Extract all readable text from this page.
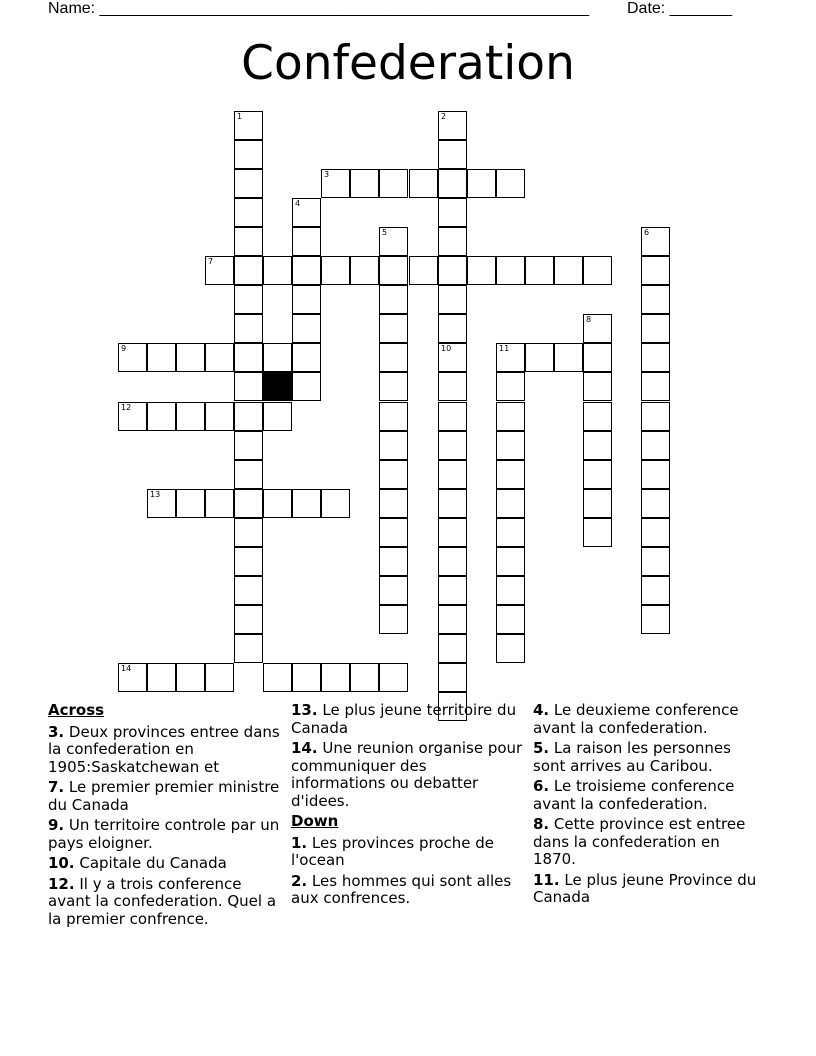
Name: _______________________________________________________ Date: _______
Confederation
1	2
3
4
5	6
7
8
9	10	11
12
13
14
Across
3. Deux provinces entree dans la confederation en 1905:Saskatchewan et
7. Le premier premier ministre du Canada
9. Un territoire controle par un pays eloigner.
10. Capitale du Canada
12. Il y a trois conference avant la confederation. Quel a la premier confrence.
13. Le plus jeune territoire du Canada
14. Une reunion organise pour communiquer des informations ou debatter d'idees.
Down
1. Les provinces proche de l'ocean
2. Les hommes qui sont alles aux confrences.
4. Le deuxieme conference avant la confederation.
5. La raison les personnes sont arrives au Caribou.
6. Le troisieme conference avant la confederation.
8. Cette province est entree dans la confederation en 1870.
11. Le plus jeune Province du Canada
